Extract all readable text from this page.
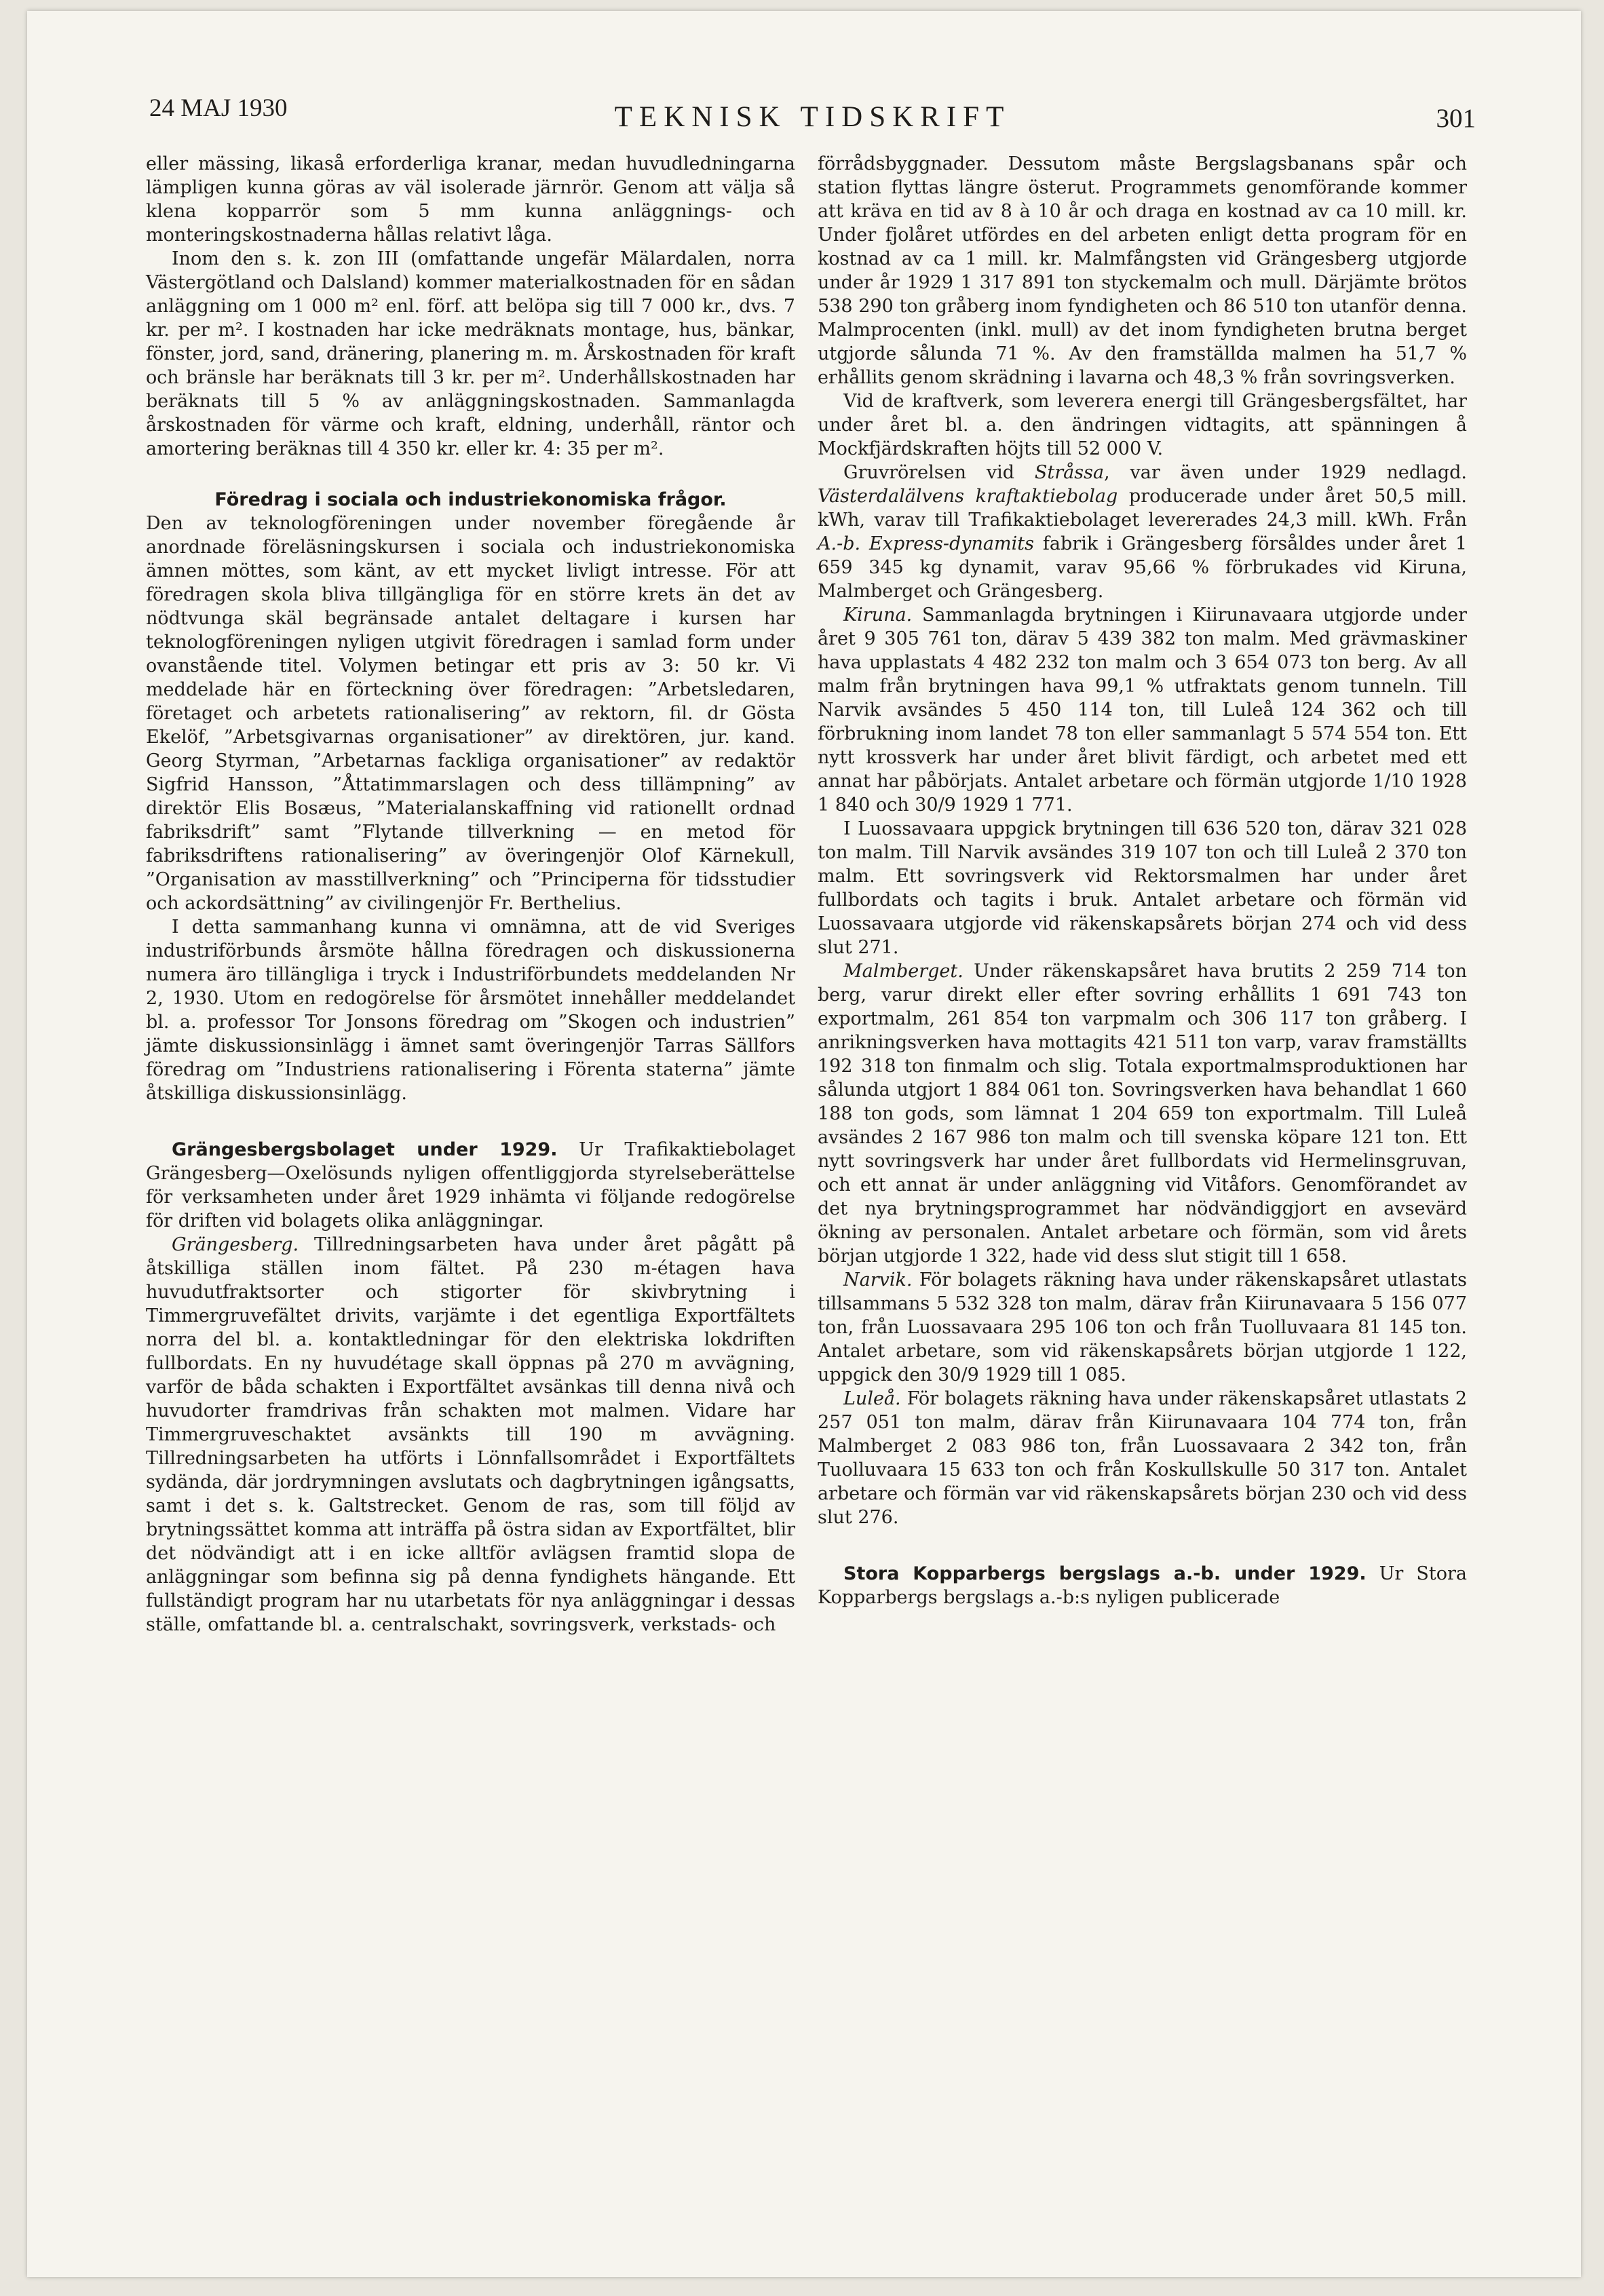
24 MAJ 1930	TEKNISK TIDSKRIFT	301

eller mässing, likaså erforderliga kranar, medan huvudledningarna lämpligen kunna göras av väl isolerade järnrör. Genom att välja så klena kopparrör som 5 mm kunna anläggnings- och monteringskostnaderna hållas relativt låga.

Inom den s. k. zon III (omfattande ungefär Mälardalen, norra Västergötland och Dalsland) kommer materialkostnaden för en sådan anläggning om 1 000 m² enl. förf. att belöpa sig till 7 000 kr., dvs. 7 kr. per m². I kostnaden har icke medräknats montage, hus, bänkar, fönster, jord, sand, dränering, planering m. m. Årskostnaden för kraft och bränsle har beräknats till 3 kr. per m². Underhållskostnaden har beräknats till 5 % av anläggningskostnaden. Sammanlagda årskostnaden för värme och kraft, eldning, underhåll, räntor och amortering beräknas till 4 350 kr. eller kr. 4: 35 per m².

Föredrag i sociala och industriekonomiska frågor.

Den av teknologföreningen under november föregående år anordnade föreläsningskursen i sociala och industriekonomiska ämnen möttes, som känt, av ett mycket livligt intresse. För att föredragen skola bliva tillgängliga för en större krets än det av nödtvunga skäl begränsade antalet deltagare i kursen har teknologföreningen nyligen utgivit föredragen i samlad form under ovanstående titel. Volymen betingar ett pris av 3: 50 kr. Vi meddelade här en förteckning över föredragen: ”Arbetsledaren, företaget och arbetets rationalisering” av rektorn, fil. dr Gösta Ekelöf, ”Arbetsgivarnas organisationer” av direktören, jur. kand. Georg Styrman, ”Arbetarnas fackliga organisationer” av redaktör Sigfrid Hansson, ”Åttatimmarslagen och dess tillämpning” av direktör Elis Bosæus, ”Materialanskaffning vid rationellt ordnad fabriksdrift” samt ”Flytande tillverkning — en metod för fabriksdriftens rationalisering” av överingenjör Olof Kärnekull, ”Organisation av masstillverkning” och ”Principerna för tidsstudier och ackordsättning” av civilingenjör Fr. Berthelius.

I detta sammanhang kunna vi omnämna, att de vid Sveriges industriförbunds årsmöte hållna föredragen och diskussionerna numera äro tillängliga i tryck i Industriförbundets meddelanden Nr 2, 1930. Utom en redogörelse för årsmötet innehåller meddelandet bl. a. professor Tor Jonsons föredrag om ”Skogen och industrien” jämte diskussionsinlägg i ämnet samt överingenjör Tarras Sällfors föredrag om ”Industriens rationalisering i Förenta staterna” jämte åtskilliga diskussionsinlägg.

Grängesbergsbolaget under 1929. Ur Trafikaktiebolaget Grängesberg—Oxelösunds nyligen offentliggjorda styrelseberättelse för verksamheten under året 1929 inhämta vi följande redogörelse för driften vid bolagets olika anläggningar.

Grängesberg. Tillredningsarbeten hava under året pågått på åtskilliga ställen inom fältet. På 230 m-étagen hava huvudutfraktsorter och stigorter för skivbrytning i Timmergruvefältet drivits, varjämte i det egentliga Exportfältets norra del bl. a. kontaktledningar för den elektriska lokdriften fullbordats. En ny huvudétage skall öppnas på 270 m avvägning, varför de båda schakten i Exportfältet avsänkas till denna nivå och huvudorter framdrivas från schakten mot malmen. Vidare har Timmergruveschaktet avsänkts till 190 m avvägning. Tillredningsarbeten ha utförts i Lönnfallsområdet i Exportfältets sydända, där jordrymningen avslutats och dagbrytningen igångsatts, samt i det s. k. Galtstrecket. Genom de ras, som till följd av brytningssättet komma att inträffa på östra sidan av Exportfältet, blir det nödvändigt att i en icke alltför avlägsen framtid slopa de anläggningar som befinna sig på denna fyndighets hängande. Ett fullständigt program har nu utarbetats för nya anläggningar i dessas ställe, omfattande bl. a. centralschakt, sovringsverk, verkstads- och

förrådsbyggnader. Dessutom måste Bergslagsbanans spår och station flyttas längre österut. Programmets genomförande kommer att kräva en tid av 8 à 10 år och draga en kostnad av ca 10 mill. kr. Under fjolåret utfördes en del arbeten enligt detta program för en kostnad av ca 1 mill. kr. Malmfångsten vid Grängesberg utgjorde under år 1929 1 317 891 ton styckemalm och mull. Därjämte brötos 538 290 ton gråberg inom fyndigheten och 86 510 ton utanför denna. Malmprocenten (inkl. mull) av det inom fyndigheten brutna berget utgjorde sålunda 71 %. Av den framställda malmen ha 51,7 % erhållits genom skrädning i lavarna och 48,3 % från sovringsverken.

Vid de kraftverk, som leverera energi till Grängesbergsfältet, har under året bl. a. den ändringen vidtagits, att spänningen å Mockfjärdskraften höjts till 52 000 V.

Gruvrörelsen vid Stråssa, var även under 1929 nedlagd. Västerdalälvens kraftaktiebolag producerade under året 50,5 mill. kWh, varav till Trafikaktiebolaget levererades 24,3 mill. kWh. Från A.-b. Express-dynamits fabrik i Grängesberg försåldes under året 1 659 345 kg dynamit, varav 95,66 % förbrukades vid Kiruna, Malmberget och Grängesberg.

Kiruna. Sammanlagda brytningen i Kiirunavaara utgjorde under året 9 305 761 ton, därav 5 439 382 ton malm. Med grävmaskiner hava upplastats 4 482 232 ton malm och 3 654 073 ton berg. Av all malm från brytningen hava 99,1 % utfraktats genom tunneln. Till Narvik avsändes 5 450 114 ton, till Luleå 124 362 och till förbrukning inom landet 78 ton eller sammanlagt 5 574 554 ton. Ett nytt krossverk har under året blivit färdigt, och arbetet med ett annat har påbörjats. Antalet arbetare och förmän utgjorde 1/10 1928 1 840 och 30/9 1929 1 771.

I Luossavaara uppgick brytningen till 636 520 ton, därav 321 028 ton malm. Till Narvik avsändes 319 107 ton och till Luleå 2 370 ton malm. Ett sovringsverk vid Rektorsmalmen har under året fullbordats och tagits i bruk. Antalet arbetare och förmän vid Luossavaara utgjorde vid räkenskapsårets början 274 och vid dess slut 271.

Malmberget. Under räkenskapsåret hava brutits 2 259 714 ton berg, varur direkt eller efter sovring erhållits 1 691 743 ton exportmalm, 261 854 ton varpmalm och 306 117 ton gråberg. I anrikningsverken hava mottagits 421 511 ton varp, varav framställts 192 318 ton finmalm och slig. Totala exportmalmsproduktionen har sålunda utgjort 1 884 061 ton. Sovringsverken hava behandlat 1 660 188 ton gods, som lämnat 1 204 659 ton exportmalm. Till Luleå avsändes 2 167 986 ton malm och till svenska köpare 121 ton. Ett nytt sovringsverk har under året fullbordats vid Hermelinsgruvan, och ett annat är under anläggning vid Vitåfors. Genomförandet av det nya brytningsprogrammet har nödvändiggjort en avsevärd ökning av personalen. Antalet arbetare och förmän, som vid årets början utgjorde 1 322, hade vid dess slut stigit till 1 658.

Narvik. För bolagets räkning hava under räkenskapsåret utlastats tillsammans 5 532 328 ton malm, därav från Kiirunavaara 5 156 077 ton, från Luossavaara 295 106 ton och från Tuolluvaara 81 145 ton. Antalet arbetare, som vid räkenskapsårets början utgjorde 1 122, uppgick den 30/9 1929 till 1 085.

Luleå. För bolagets räkning hava under räkenskapsåret utlastats 2 257 051 ton malm, därav från Kiirunavaara 104 774 ton, från Malmberget 2 083 986 ton, från Luossavaara 2 342 ton, från Tuolluvaara 15 633 ton och från Koskullskulle 50 317 ton. Antalet arbetare och förmän var vid räkenskapsårets början 230 och vid dess slut 276.

Stora Kopparbergs bergslags a.-b. under 1929. Ur Stora Kopparbergs bergslags a.-b:s nyligen publicerade
